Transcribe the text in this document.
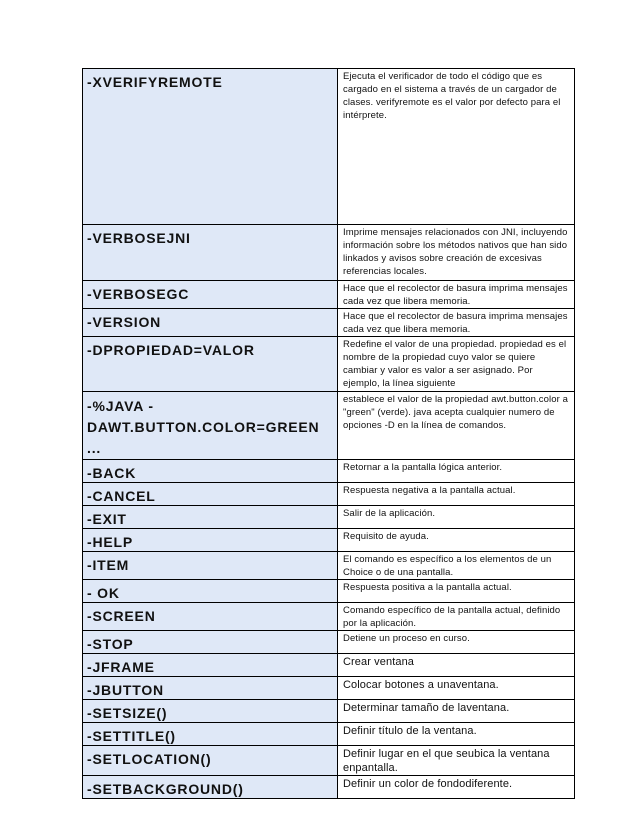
-XVERIFYREMOTE	Ejecuta el verificador de todo el código que es cargado en el sistema a través de un cargador de clases. verifyremote es el valor por defecto para el intérprete.

-VERBOSEJNI	Imprime mensajes relacionados con JNI, incluyendo información sobre los métodos nativos que han sido linkados y avisos sobre creación de excesivas referencias locales.

-VERBOSEGC	Hace que el recolector de basura imprima mensajes cada vez que libera memoria.

-VERSION	Hace que el recolector de basura imprima mensajes cada vez que libera memoria.

-DPROPIEDAD=VALOR	Redefine el valor de una propiedad. propiedad es el nombre de la propiedad cuyo valor se quiere cambiar y valor es valor a ser asignado. Por ejemplo, la línea siguiente

-%JAVA - DAWT.BUTTON.COLOR=GREEN ...	establece el valor de la propiedad awt.button.color a "green" (verde). java acepta cualquier numero de opciones -D en la línea de comandos.

-BACK	Retornar a la pantalla lógica anterior.

-CANCEL	Respuesta negativa a la pantalla actual.

-EXIT	Salir de la aplicación.

-HELP	Requisito de ayuda.

-ITEM	El comando es específico a los elementos de un Choice o de una pantalla.

- OK	Respuesta positiva a la pantalla actual.

-SCREEN	Comando específico de la pantalla actual, definido por la aplicación.

-STOP	Detiene un proceso en curso.

-JFRAME	Crear ventana

-JBUTTON	Colocar botones a unaventana.

-SETSIZE()	Determinar tamaño de laventana.

-SETTITLE()	Definir título de la ventana.

-SETLOCATION()	Definir lugar en el que seubica la ventana enpantalla.

-SETBACKGROUND()	Definir un color de fondodiferente.
